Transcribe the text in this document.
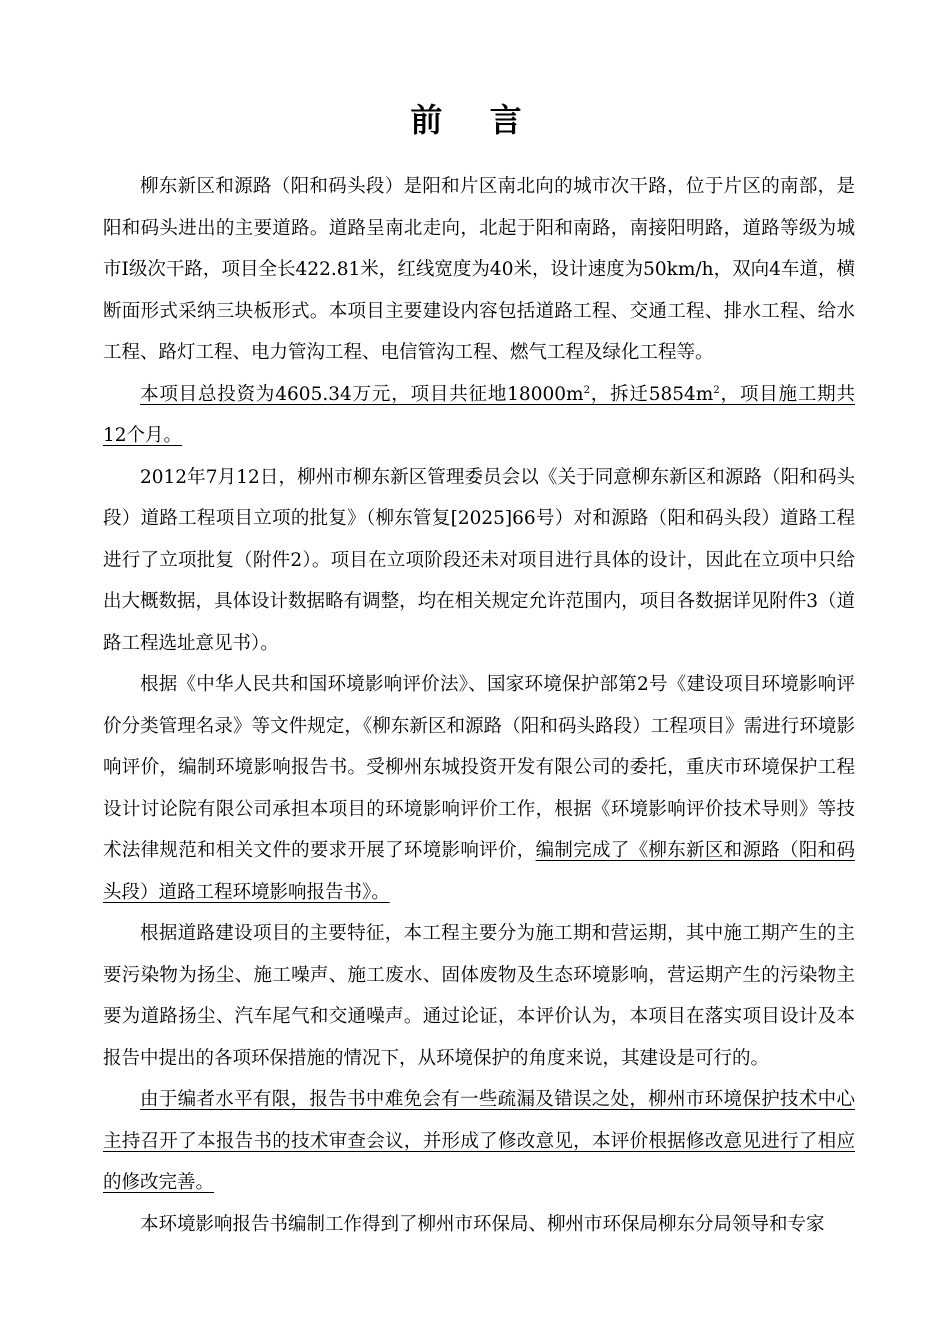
前 言

柳东新区和源路（阳和码头段）是阳和片区南北向的城市次干路，位于片区的南部，是阳和码头进出的主要道路。道路呈南北走向，北起于阳和南路，南接阳明路，道路等级为城市Ⅰ级次干路，项目全长422.81米，红线宽度为40米，设计速度为50km/h，双向4车道，横断面形式采纳三块板形式。本项目主要建设内容包括道路工程、交通工程、排水工程、给水工程、路灯工程、电力管沟工程、电信管沟工程、燃气工程及绿化工程等。

本项目总投资为4605.34万元，项目共征地$18000m^2$，拆迁$5854m^2$，项目施工期共12个月。

2012年7月12日，柳州市柳东新区管理委员会以《关于同意柳东新区和源路（阳和码头段）道路工程项目立项的批复》（柳东管复[2025]66号）对和源路（阳和码头段）道路工程进行了立项批复（附件2）。项目在立项阶段还未对项目进行具体的设计，因此在立项中只给出大概数据，具体设计数据略有调整，均在相关规定允许范围内，项目各数据详见附件3（道路工程选址意见书）。

根据《中华人民共和国环境影响评价法》、国家环境保护部第2号《建设项目环境影响评价分类管理名录》等文件规定，《柳东新区和源路（阳和码头路段）工程项目》需进行环境影响评价，编制环境影响报告书。受柳州东城投资开发有限公司的委托，重庆市环境保护工程设计讨论院有限公司承担本项目的环境影响评价工作，根据《环境影响评价技术导则》等技术法律规范和相关文件的要求开展了环境影响评价，编制完成了《柳东新区和源路（阳和码头段）道路工程环境影响报告书》。

根据道路建设项目的主要特征，本工程主要分为施工期和营运期，其中施工期产生的主要污染物为扬尘、施工噪声、施工废水、固体废物及生态环境影响，营运期产生的污染物主要为道路扬尘、汽车尾气和交通噪声。通过论证，本评价认为，本项目在落实项目设计及本报告中提出的各项环保措施的情况下，从环境保护的角度来说，其建设是可行的。

由于编者水平有限，报告书中难免会有一些疏漏及错误之处，柳州市环境保护技术中心主持召开了本报告书的技术审查会议，并形成了修改意见，本评价根据修改意见进行了相应的修改完善。

本环境影响报告书编制工作得到了柳州市环保局、柳州市环保局柳东分局领导和专家
